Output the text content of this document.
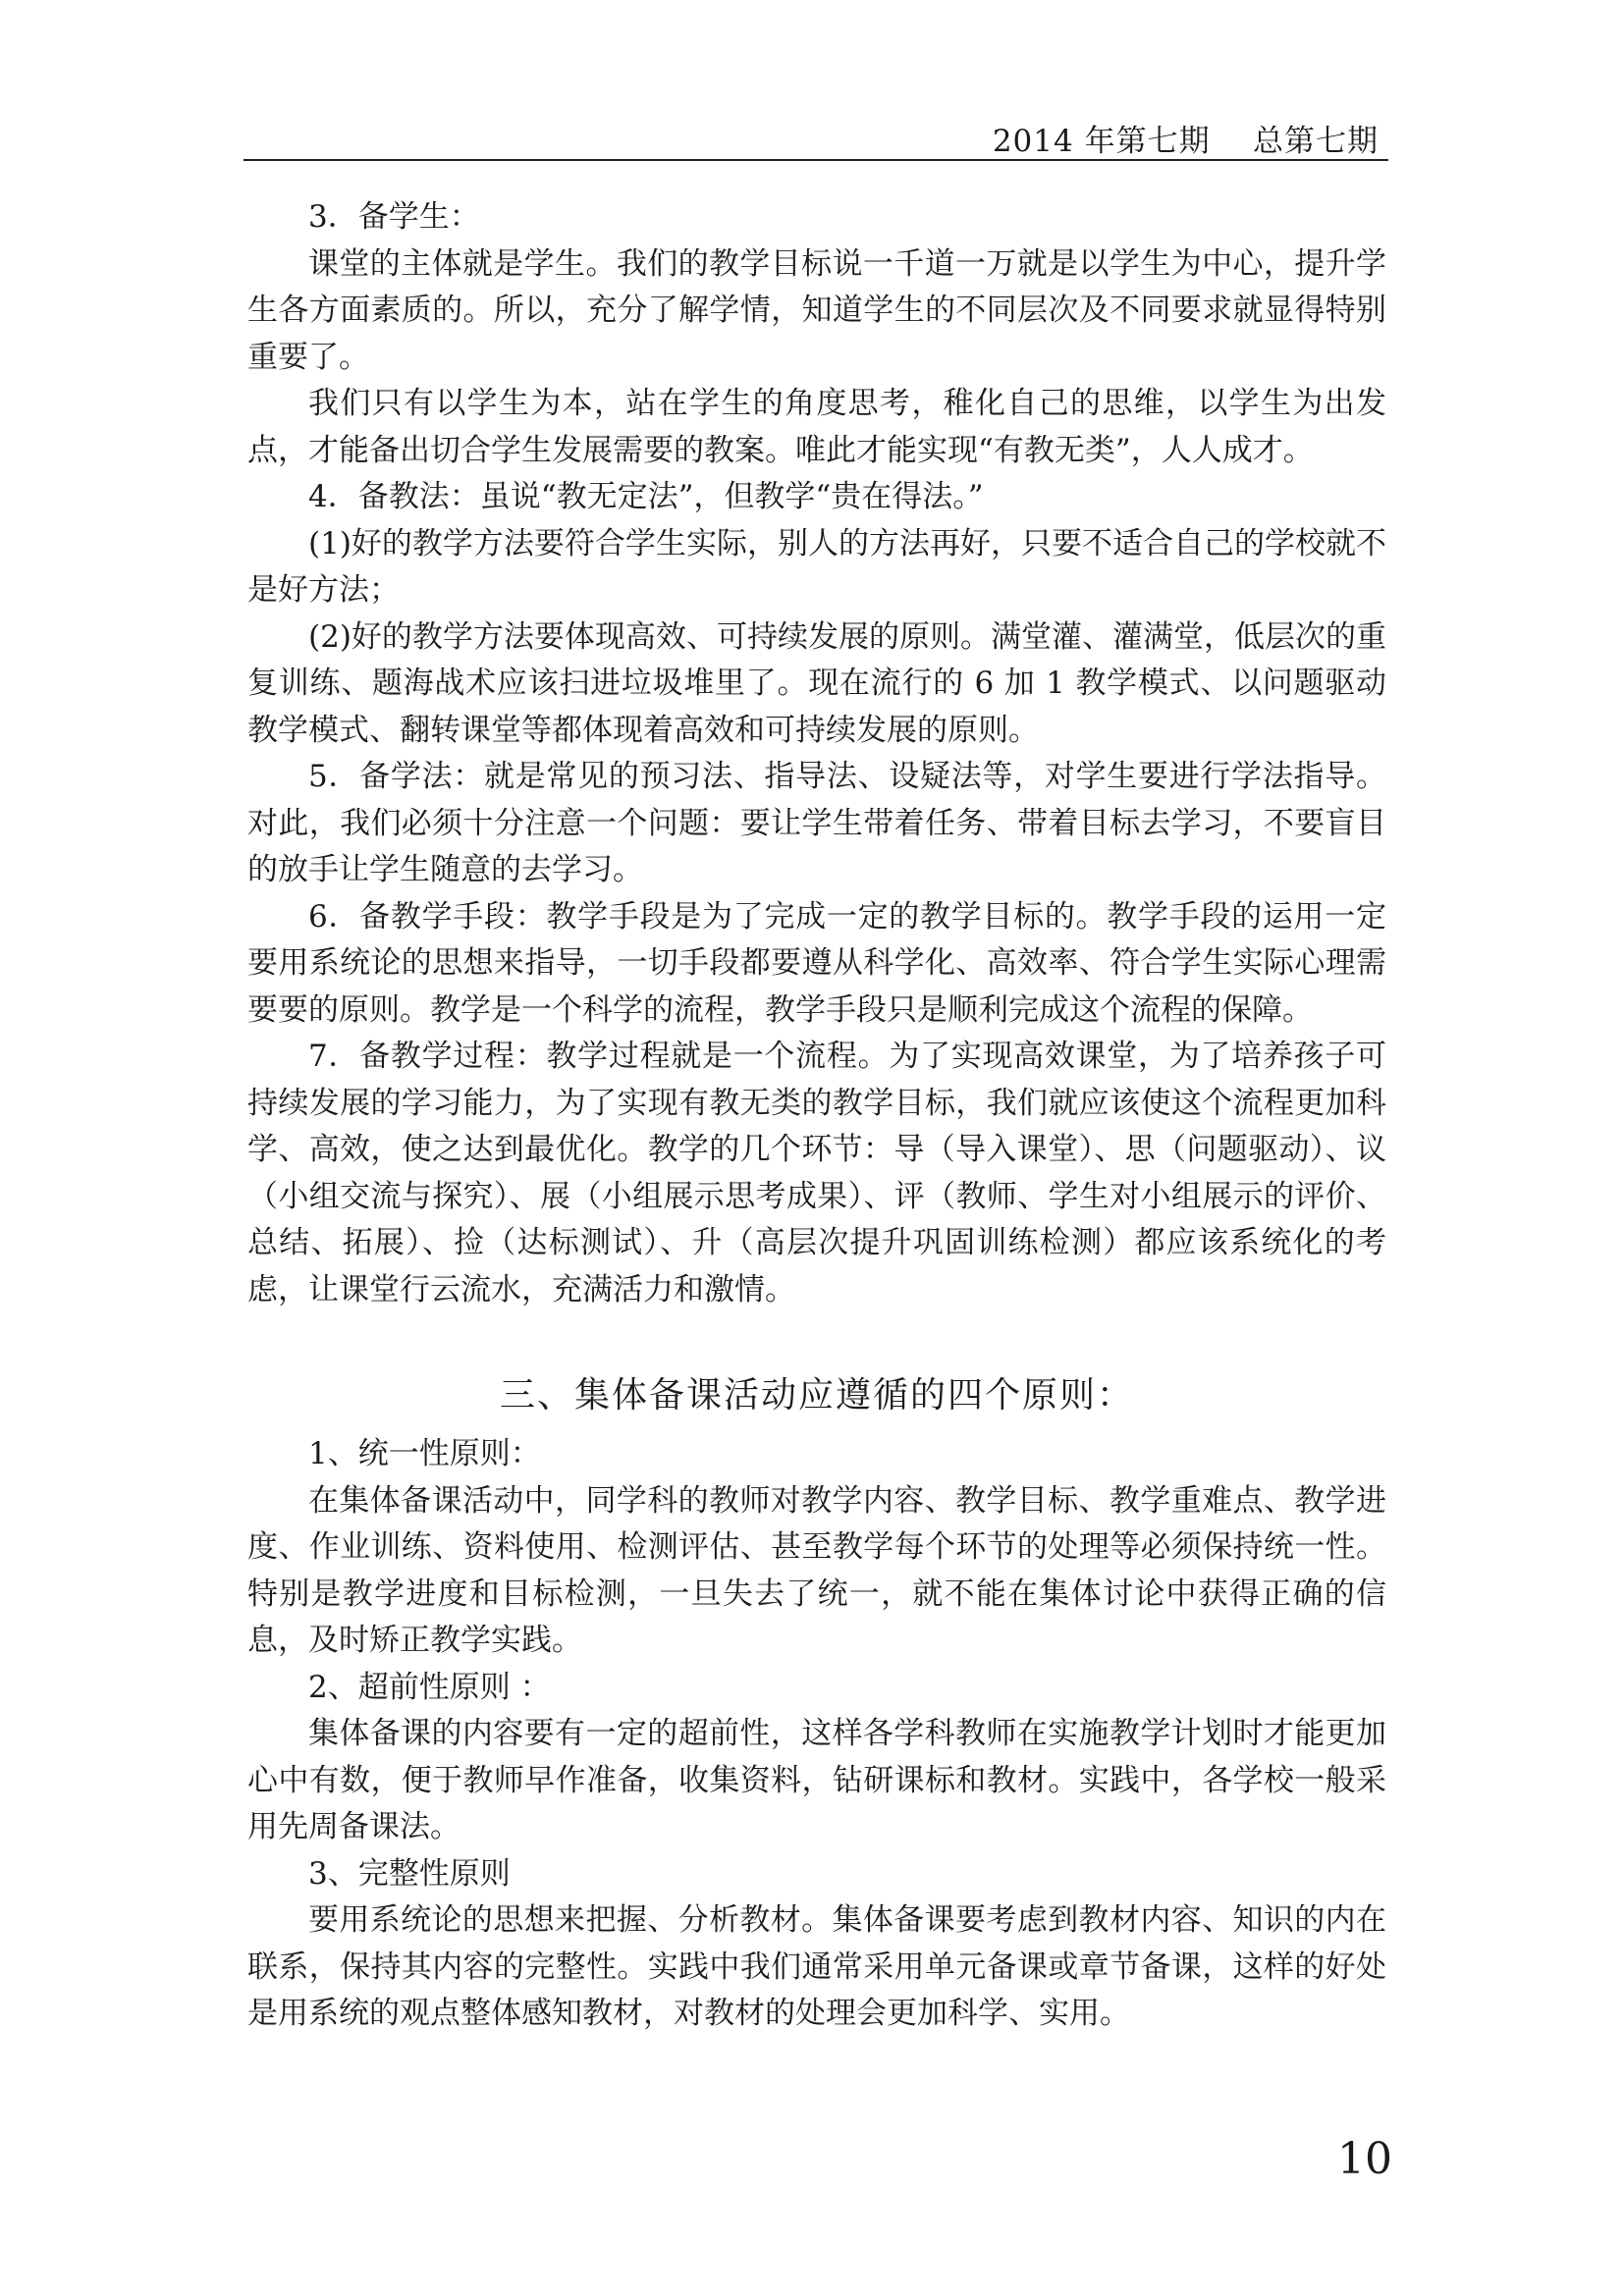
2014 年第七期    总第七期

3．备学生：

课堂的主体就是学生。我们的教学目标说一千道一万就是以学生为中心，提升学生各方面素质的。所以，充分了解学情，知道学生的不同层次及不同要求就显得特别重要了。

我们只有以学生为本，站在学生的角度思考，稚化自己的思维，以学生为出发点，才能备出切合学生发展需要的教案。唯此才能实现“有教无类”，人人成才。

4．备教法：虽说“教无定法”，但教学“贵在得法。”

(1)好的教学方法要符合学生实际，别人的方法再好，只要不适合自己的学校就不是好方法；

(2)好的教学方法要体现高效、可持续发展的原则。满堂灌、灌满堂，低层次的重复训练、题海战术应该扫进垃圾堆里了。现在流行的 6 加 1 教学模式、以问题驱动教学模式、翻转课堂等都体现着高效和可持续发展的原则。

5．备学法：就是常见的预习法、指导法、设疑法等，对学生要进行学法指导。对此，我们必须十分注意一个问题：要让学生带着任务、带着目标去学习，不要盲目的放手让学生随意的去学习。

6．备教学手段：教学手段是为了完成一定的教学目标的。教学手段的运用一定要用系统论的思想来指导，一切手段都要遵从科学化、高效率、符合学生实际心理需要要的原则。教学是一个科学的流程，教学手段只是顺利完成这个流程的保障。

7．备教学过程：教学过程就是一个流程。为了实现高效课堂，为了培养孩子可持续发展的学习能力，为了实现有教无类的教学目标，我们就应该使这个流程更加科学、高效，使之达到最优化。教学的几个环节：导（导入课堂）、思（问题驱动）、议（小组交流与探究）、展（小组展示思考成果）、评（教师、学生对小组展示的评价、总结、拓展）、捡（达标测试）、升（高层次提升巩固训练检测）都应该系统化的考虑，让课堂行云流水，充满活力和激情。

三、集体备课活动应遵循的四个原则：

1、统一性原则：

在集体备课活动中，同学科的教师对教学内容、教学目标、教学重难点、教学进度、作业训练、资料使用、检测评估、甚至教学每个环节的处理等必须保持统一性。特别是教学进度和目标检测，一旦失去了统一，就不能在集体讨论中获得正确的信息，及时矫正教学实践。

2、超前性原则 ：

集体备课的内容要有一定的超前性，这样各学科教师在实施教学计划时才能更加心中有数，便于教师早作准备，收集资料，钻研课标和教材。实践中，各学校一般采用先周备课法。

3、完整性原则

要用系统论的思想来把握、分析教材。集体备课要考虑到教材内容、知识的内在联系，保持其内容的完整性。实践中我们通常采用单元备课或章节备课，这样的好处是用系统的观点整体感知教材，对教材的处理会更加科学、实用。

10
